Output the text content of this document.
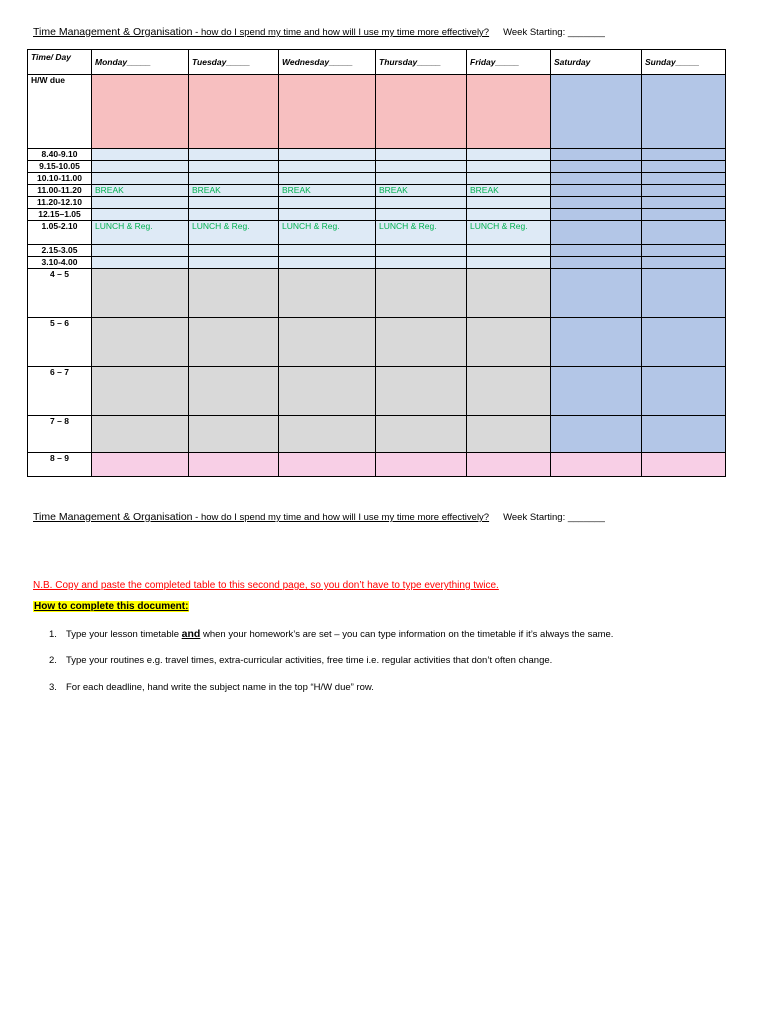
Time Management & Organisation - how do I spend my time and how will I use my time more effectively? Week Starting: _______
Time/ Day	Monday_____	Tuesday_____	Wednesday_____	Thursday_____	Friday_____	Saturday	Sunday_____
H/W due							
8.40-9.10							
9.15-10.05							
10.10-11.00							
11.00-11.20	BREAK	BREAK	BREAK	BREAK	BREAK		
11.20-12.10							
12.15–1.05							
1.05-2.10	LUNCH & Reg.	LUNCH & Reg.	LUNCH & Reg.	LUNCH & Reg.	LUNCH & Reg.		
2.15-3.05							
3.10-4.00							
4 – 5							
5 – 6							
6 – 7							
7 – 8							
8 – 9							
Time Management & Organisation - how do I spend my time and how will I use my time more effectively? Week Starting: _______
N.B. Copy and paste the completed table to this second page, so you don’t have to type everything twice.
How to complete this document:
1. Type your lesson timetable and when your homework’s are set – you can type information on the timetable if it’s always the same.
2. Type your routines e.g. travel times, extra-curricular activities, free time i.e. regular activities that don’t often change.
3. For each deadline, hand write the subject name in the top “H/W due” row.
